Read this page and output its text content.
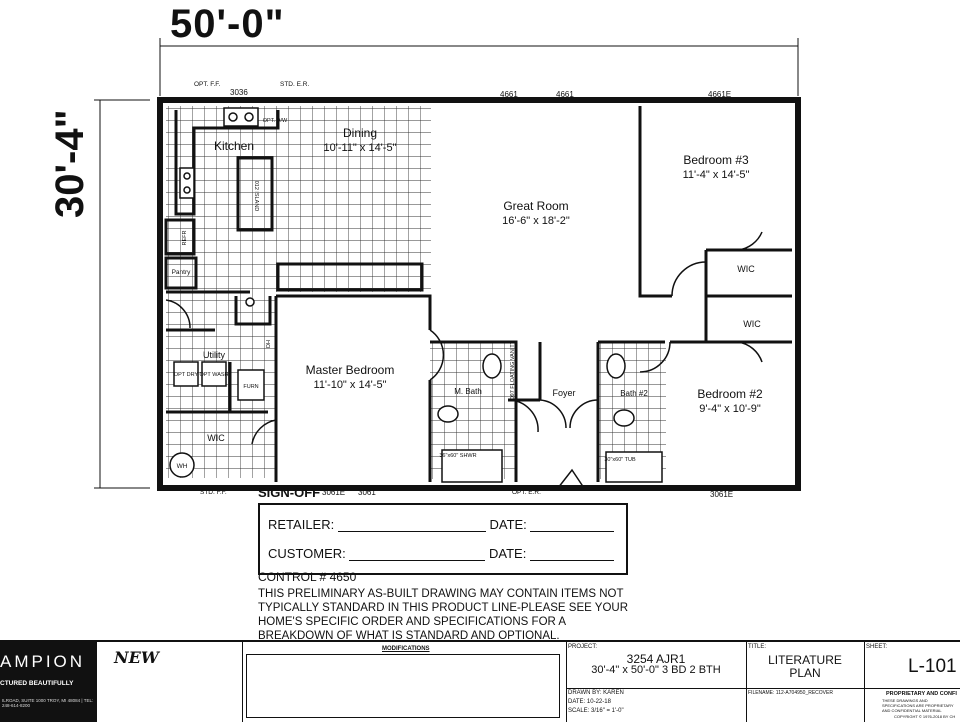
50'-0"
30'-4"
OPT. F.F.
3036
STD. E.R.
4661	4661	4661E
STD. F.F.	3061E 3061	OPT. E.R.	3061E
Kitchen
Dining
10'-11" x 14'-5"
Great Room
16'-6" x 18'-2"
Bedroom #3
11'-4" x 14'-5"
Bedroom #2
9'-4" x 10'-9"
Master Bedroom
11'-10" x 14'-5"
Utility
Foyer
M. Bath	Bath #2
WIC
WIC
WIC
Pantry
012 ISLAND
REFR
OPT DRY OPT WASH
FURN
WH
36"x60" SHWR
30"x60" TUB
097 FLOATING VANITY
OPT. D/W
DH
SIGN-OFF
RETAILER:	DATE:
CUSTOMER:	DATE:
CONTROL # 4650
THIS PRELIMINARY AS-BUILT DRAWING MAY CONTAIN ITEMS NOT TYPICALLY STANDARD IN THIS PRODUCT LINE-PLEASE SEE YOUR HOME'S SPECIFIC ORDER AND SPECIFICATIONS FOR A BREAKDOWN OF WHAT IS STANDARD AND OPTIONAL.
AMPION
CTURED BEAUTIFULLY
ILROAD, SUITE 1000 TROY, MI 48084 | TEL: 248-614-8200
NEW	MODIFICATIONS	PROJECT:
3254 AJR1
30'-4" x 50'-0" 3 BD 2 BTH
DRAWN BY: KAREN
DATE: 10-22-18
SCALE: 3/16" = 1'-0"
TITLE:
LITERATURE PLAN
FILENAME: 112-A704950_RECOVER
SHEET:
L-101
PROPRIETARY AND CONFI
THESE DRAWINGS AND SPECIFICATIONS ARE PROPRIETARY AND CONFIDENTIAL MATERIAL
COPYRIGHT © 1976-2018 BY CH
